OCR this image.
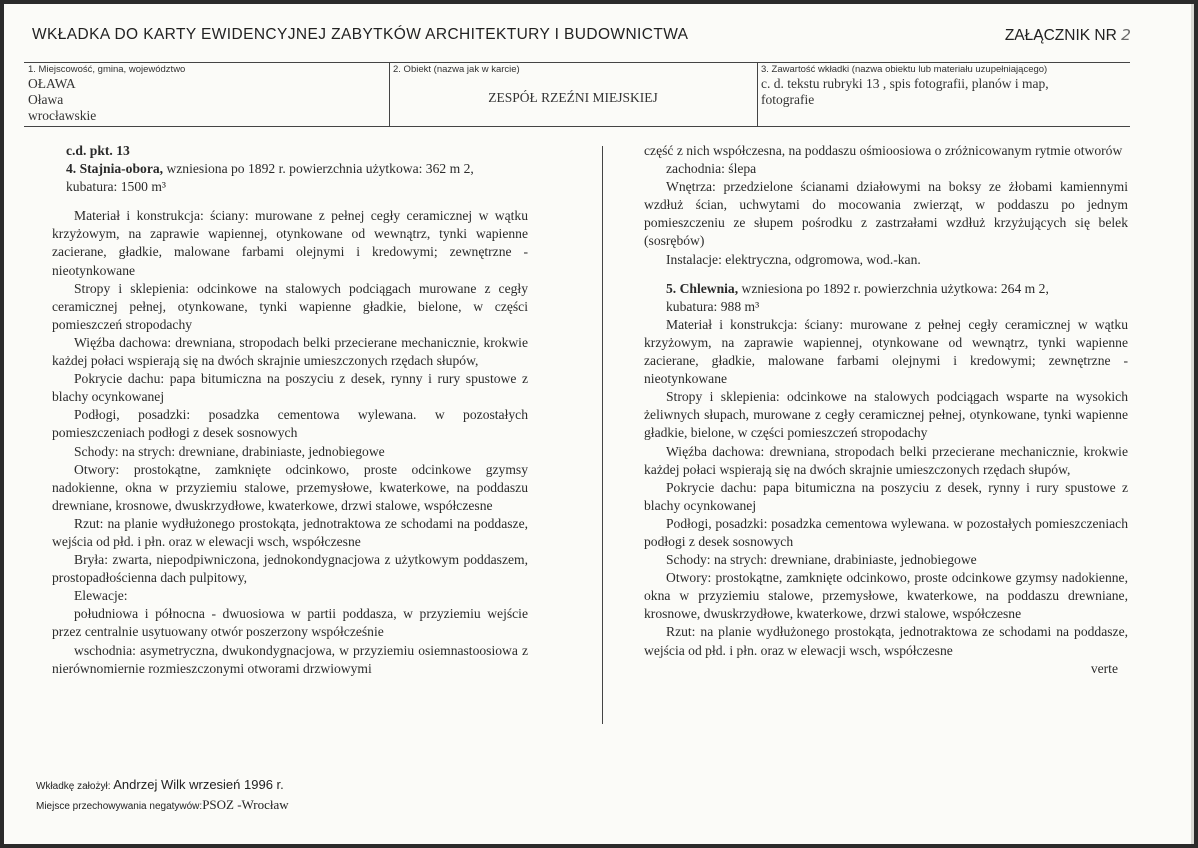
WKŁADKA DO KARTY EWIDENCYJNEJ ZABYTKÓW ARCHITEKTURY I BUDOWNICTWA	ZAŁĄCZNIK NR 2
1. Miejscowość, gmina, województwo
OŁAWA
Oława
wrocławskie
2. Obiekt (nazwa jak w karcie)
ZESPÓŁ RZEŹNI MIEJSKIEJ
3. Zawartość wkładki (nazwa obiektu lub materiału uzupełniającego)
c. d. tekstu rubryki 13 , spis fotografii, planów i map,
fotografie

c.d. pkt. 13

4. Stajnia-obora, wzniesiona po 1892 r. powierzchnia użytkowa: 362 m 2,

kubatura: 1500 m³

Materiał i konstrukcja: ściany: murowane z pełnej cegły ceramicznej w wątku krzyżowym, na zaprawie wapiennej, otynkowane od wewnątrz, tynki wapienne zacierane, gładkie, malowane farbami olejnymi i kredowymi; zewnętrzne - nieotynkowane

Stropy i sklepienia: odcinkowe na stalowych podciągach murowane z cegły ceramicznej pełnej, otynkowane, tynki wapienne gładkie, bielone, w części pomieszczeń stropodachy

Więźba dachowa: drewniana, stropodach belki przecierane mechanicznie, krokwie każdej połaci wspierają się na dwóch skrajnie umieszczonych rzędach słupów,

Pokrycie dachu: papa bitumiczna na poszyciu z desek, rynny i rury spustowe z blachy ocynkowanej

Podłogi, posadzki: posadzka cementowa wylewana. w pozostałych pomieszczeniach podłogi z desek sosnowych

Schody: na strych: drewniane, drabiniaste, jednobiegowe

Otwory: prostokątne, zamknięte odcinkowo, proste odcinkowe gzymsy nadokienne, okna w przyziemiu stalowe, przemysłowe, kwaterkowe, na poddaszu drewniane, krosnowe, dwuskrzydłowe, kwaterkowe, drzwi stalowe, współczesne

Rzut: na planie wydłużonego prostokąta, jednotraktowa ze schodami na poddasze, wejścia od płd. i płn. oraz w elewacji wsch, współczesne

Bryła: zwarta, niepodpiwniczona, jednokondygnacjowa z użytkowym poddaszem, prostopadłościenna dach pulpitowy,

Elewacje:

południowa i północna - dwuosiowa w partii poddasza, w przyziemiu wejście przez centralnie usytuowany otwór poszerzony współcześnie

wschodnia: asymetryczna, dwukondygnacjowa, w przyziemiu osiemnastoosiowa z nierównomiernie rozmieszczonymi otworami drzwiowymi

część z nich współczesna, na poddaszu ośmioosiowa o zróżnicowanym rytmie otworów

zachodnia: ślepa

Wnętrza: przedzielone ścianami działowymi na boksy ze żłobami kamiennymi wzdłuż ścian, uchwytami do mocowania zwierząt, w poddaszu po jednym pomieszczeniu ze słupem pośrodku z zastrzałami wzdłuż krzyżujących się belek (sosrębów)

Instalacje: elektryczna, odgromowa, wod.-kan.

5. Chlewnia, wzniesiona po 1892 r. powierzchnia użytkowa: 264 m 2,

kubatura: 988 m³

Materiał i konstrukcja: ściany: murowane z pełnej cegły ceramicznej w wątku krzyżowym, na zaprawie wapiennej, otynkowane od wewnątrz, tynki wapienne zacierane, gładkie, malowane farbami olejnymi i kredowymi; zewnętrzne - nieotynkowane

Stropy i sklepienia: odcinkowe na stalowych podciągach wsparte na wysokich żeliwnych słupach, murowane z cegły ceramicznej pełnej, otynkowane, tynki wapienne gładkie, bielone, w części pomieszczeń stropodachy

Więźba dachowa: drewniana, stropodach belki przecierane mechanicznie, krokwie każdej połaci wspierają się na dwóch skrajnie umieszczonych rzędach słupów,

Pokrycie dachu: papa bitumiczna na poszyciu z desek, rynny i rury spustowe z blachy ocynkowanej

Podłogi, posadzki: posadzka cementowa wylewana. w pozostałych pomieszczeniach podłogi z desek sosnowych

Schody: na strych: drewniane, drabiniaste, jednobiegowe

Otwory: prostokątne, zamknięte odcinkowo, proste odcinkowe gzymsy nadokienne, okna w przyziemiu stalowe, przemysłowe, kwaterkowe, na poddaszu drewniane, krosnowe, dwuskrzydłowe, kwaterkowe, drzwi stalowe, współczesne

Rzut: na planie wydłużonego prostokąta, jednotraktowa ze schodami na poddasze, wejścia od płd. i płn. oraz w elewacji wsch, współczesne

verte

Wkładkę założył: Andrzej Wilk wrzesień 1996 r.
Miejsce przechowywania negatywów:PSOZ -Wrocław
